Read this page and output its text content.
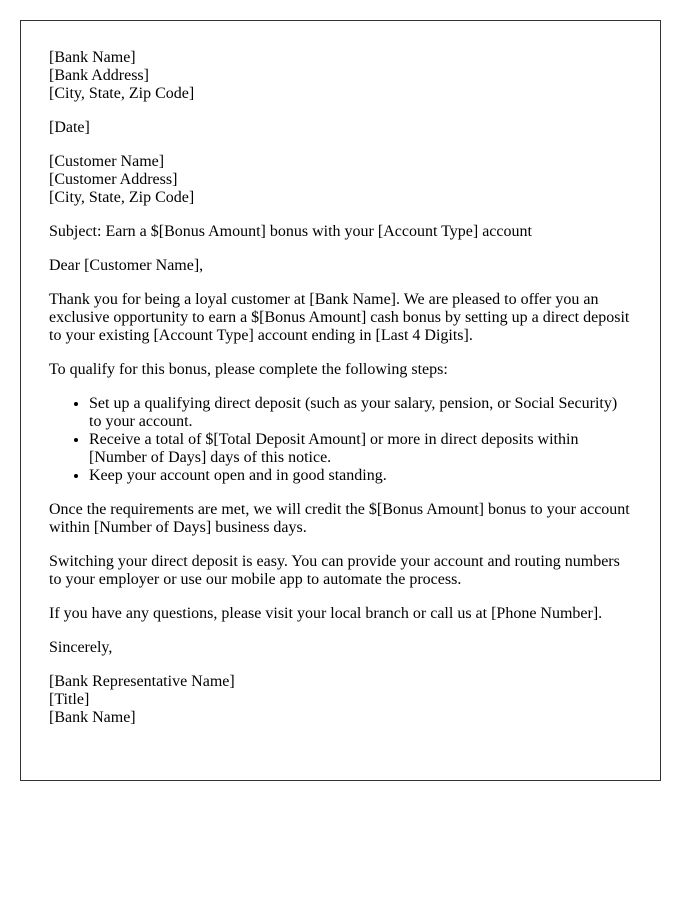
[Bank Name]
[Bank Address]
[City, State, Zip Code]

[Date]

[Customer Name]
[Customer Address]
[City, State, Zip Code]

Subject: Earn a $[Bonus Amount] bonus with your [Account Type] account

Dear [Customer Name],

Thank you for being a loyal customer at [Bank Name]. We are pleased to offer you an exclusive opportunity to earn a $[Bonus Amount] cash bonus by setting up a direct deposit to your existing [Account Type] account ending in [Last 4 Digits].

To qualify for this bonus, please complete the following steps:

• Set up a qualifying direct deposit (such as your salary, pension, or Social Security) to your account.
• Receive a total of $[Total Deposit Amount] or more in direct deposits within [Number of Days] days of this notice.
• Keep your account open and in good standing.

Once the requirements are met, we will credit the $[Bonus Amount] bonus to your account within [Number of Days] business days.

Switching your direct deposit is easy. You can provide your account and routing numbers to your employer or use our mobile app to automate the process.

If you have any questions, please visit your local branch or call us at [Phone Number].

Sincerely,

[Bank Representative Name]
[Title]
[Bank Name]
